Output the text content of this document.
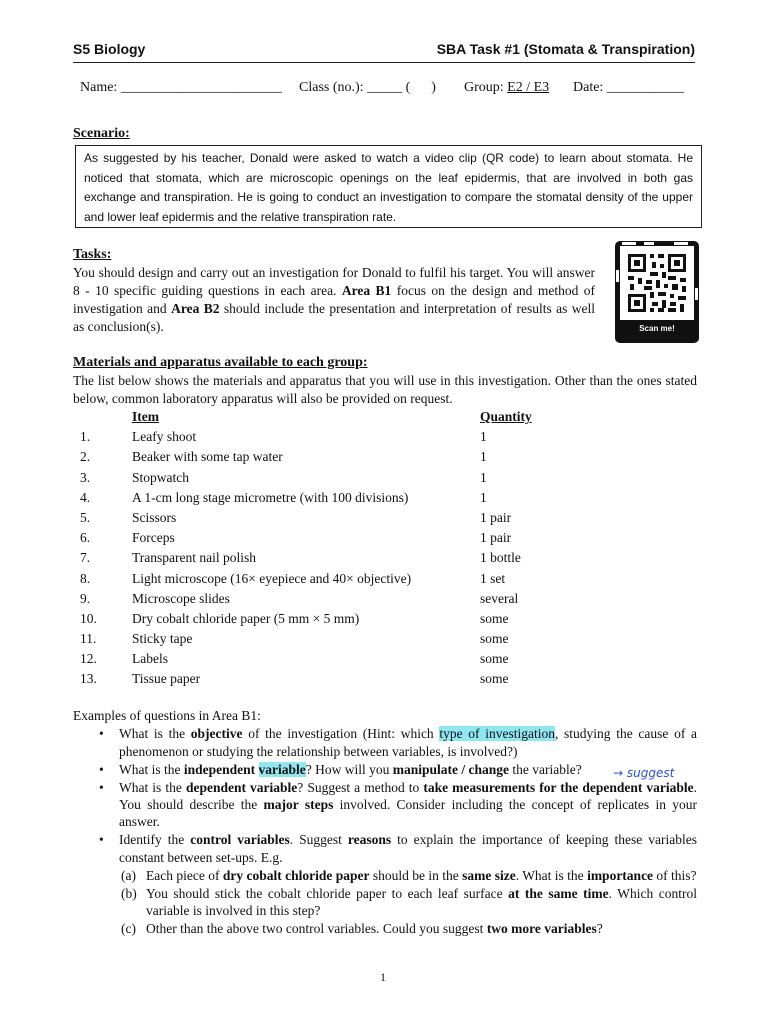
S5 Biology	SBA Task #1 (Stomata & Transpiration)
Name: _______________________ Class (no.): _____ (      ) Group: E2 / E3 Date: ___________
Scenario:
As suggested by his teacher, Donald were asked to watch a video clip (QR code) to learn about stomata. He noticed that stomata, which are microscopic openings on the leaf epidermis, that are involved in both gas exchange and transpiration. He is going to conduct an investigation to compare the stomatal density of the upper and lower leaf epidermis and the relative transpiration rate.
Tasks:
You should design and carry out an investigation for Donald to fulfil his target. You will answer 8 - 10 specific guiding questions in each area. Area B1 focus on the design and method of investigation and Area B2 should include the presentation and interpretation of results as well as conclusion(s).	Scan me!
Materials and apparatus available to each group:
The list below shows the materials and apparatus that you will use in this investigation. Other than the ones stated below, common laboratory apparatus will also be provided on request.
	Item	Quantity
1.	Leafy shoot	1
2.	Beaker with some tap water	1
3.	Stopwatch	1
4.	A 1-cm long stage micrometre (with 100 divisions)	1
5.	Scissors	1 pair
6.	Forceps	1 pair
7.	Transparent nail polish	1 bottle
8.	Light microscope (16× eyepiece and 40× objective)	1 set
9.	Microscope slides	several
10.	Dry cobalt chloride paper (5 mm × 5 mm)	some
11.	Sticky tape	some
12.	Labels	some
13.	Tissue paper	some
Examples of questions in Area B1:
• What is the objective of the investigation (Hint: which type of investigation, studying the cause of a phenomenon or studying the relationship between variables, is involved?)
• What is the independent variable? How will you manipulate / change the variable?
• What is the dependent variable? Suggest a method to take measurements for the dependent variable. You should describe the major steps involved. Consider including the concept of replicates in your answer.
• Identify the control variables. Suggest reasons to explain the importance of keeping these variables constant between set-ups. E.g.
(a) Each piece of dry cobalt chloride paper should be in the same size. What is the importance of this?
(b) You should stick the cobalt chloride paper to each leaf surface at the same time. Which control variable is involved in this step?
(c) Other than the above two control variables. Could you suggest two more variables?
→ suggest
1
